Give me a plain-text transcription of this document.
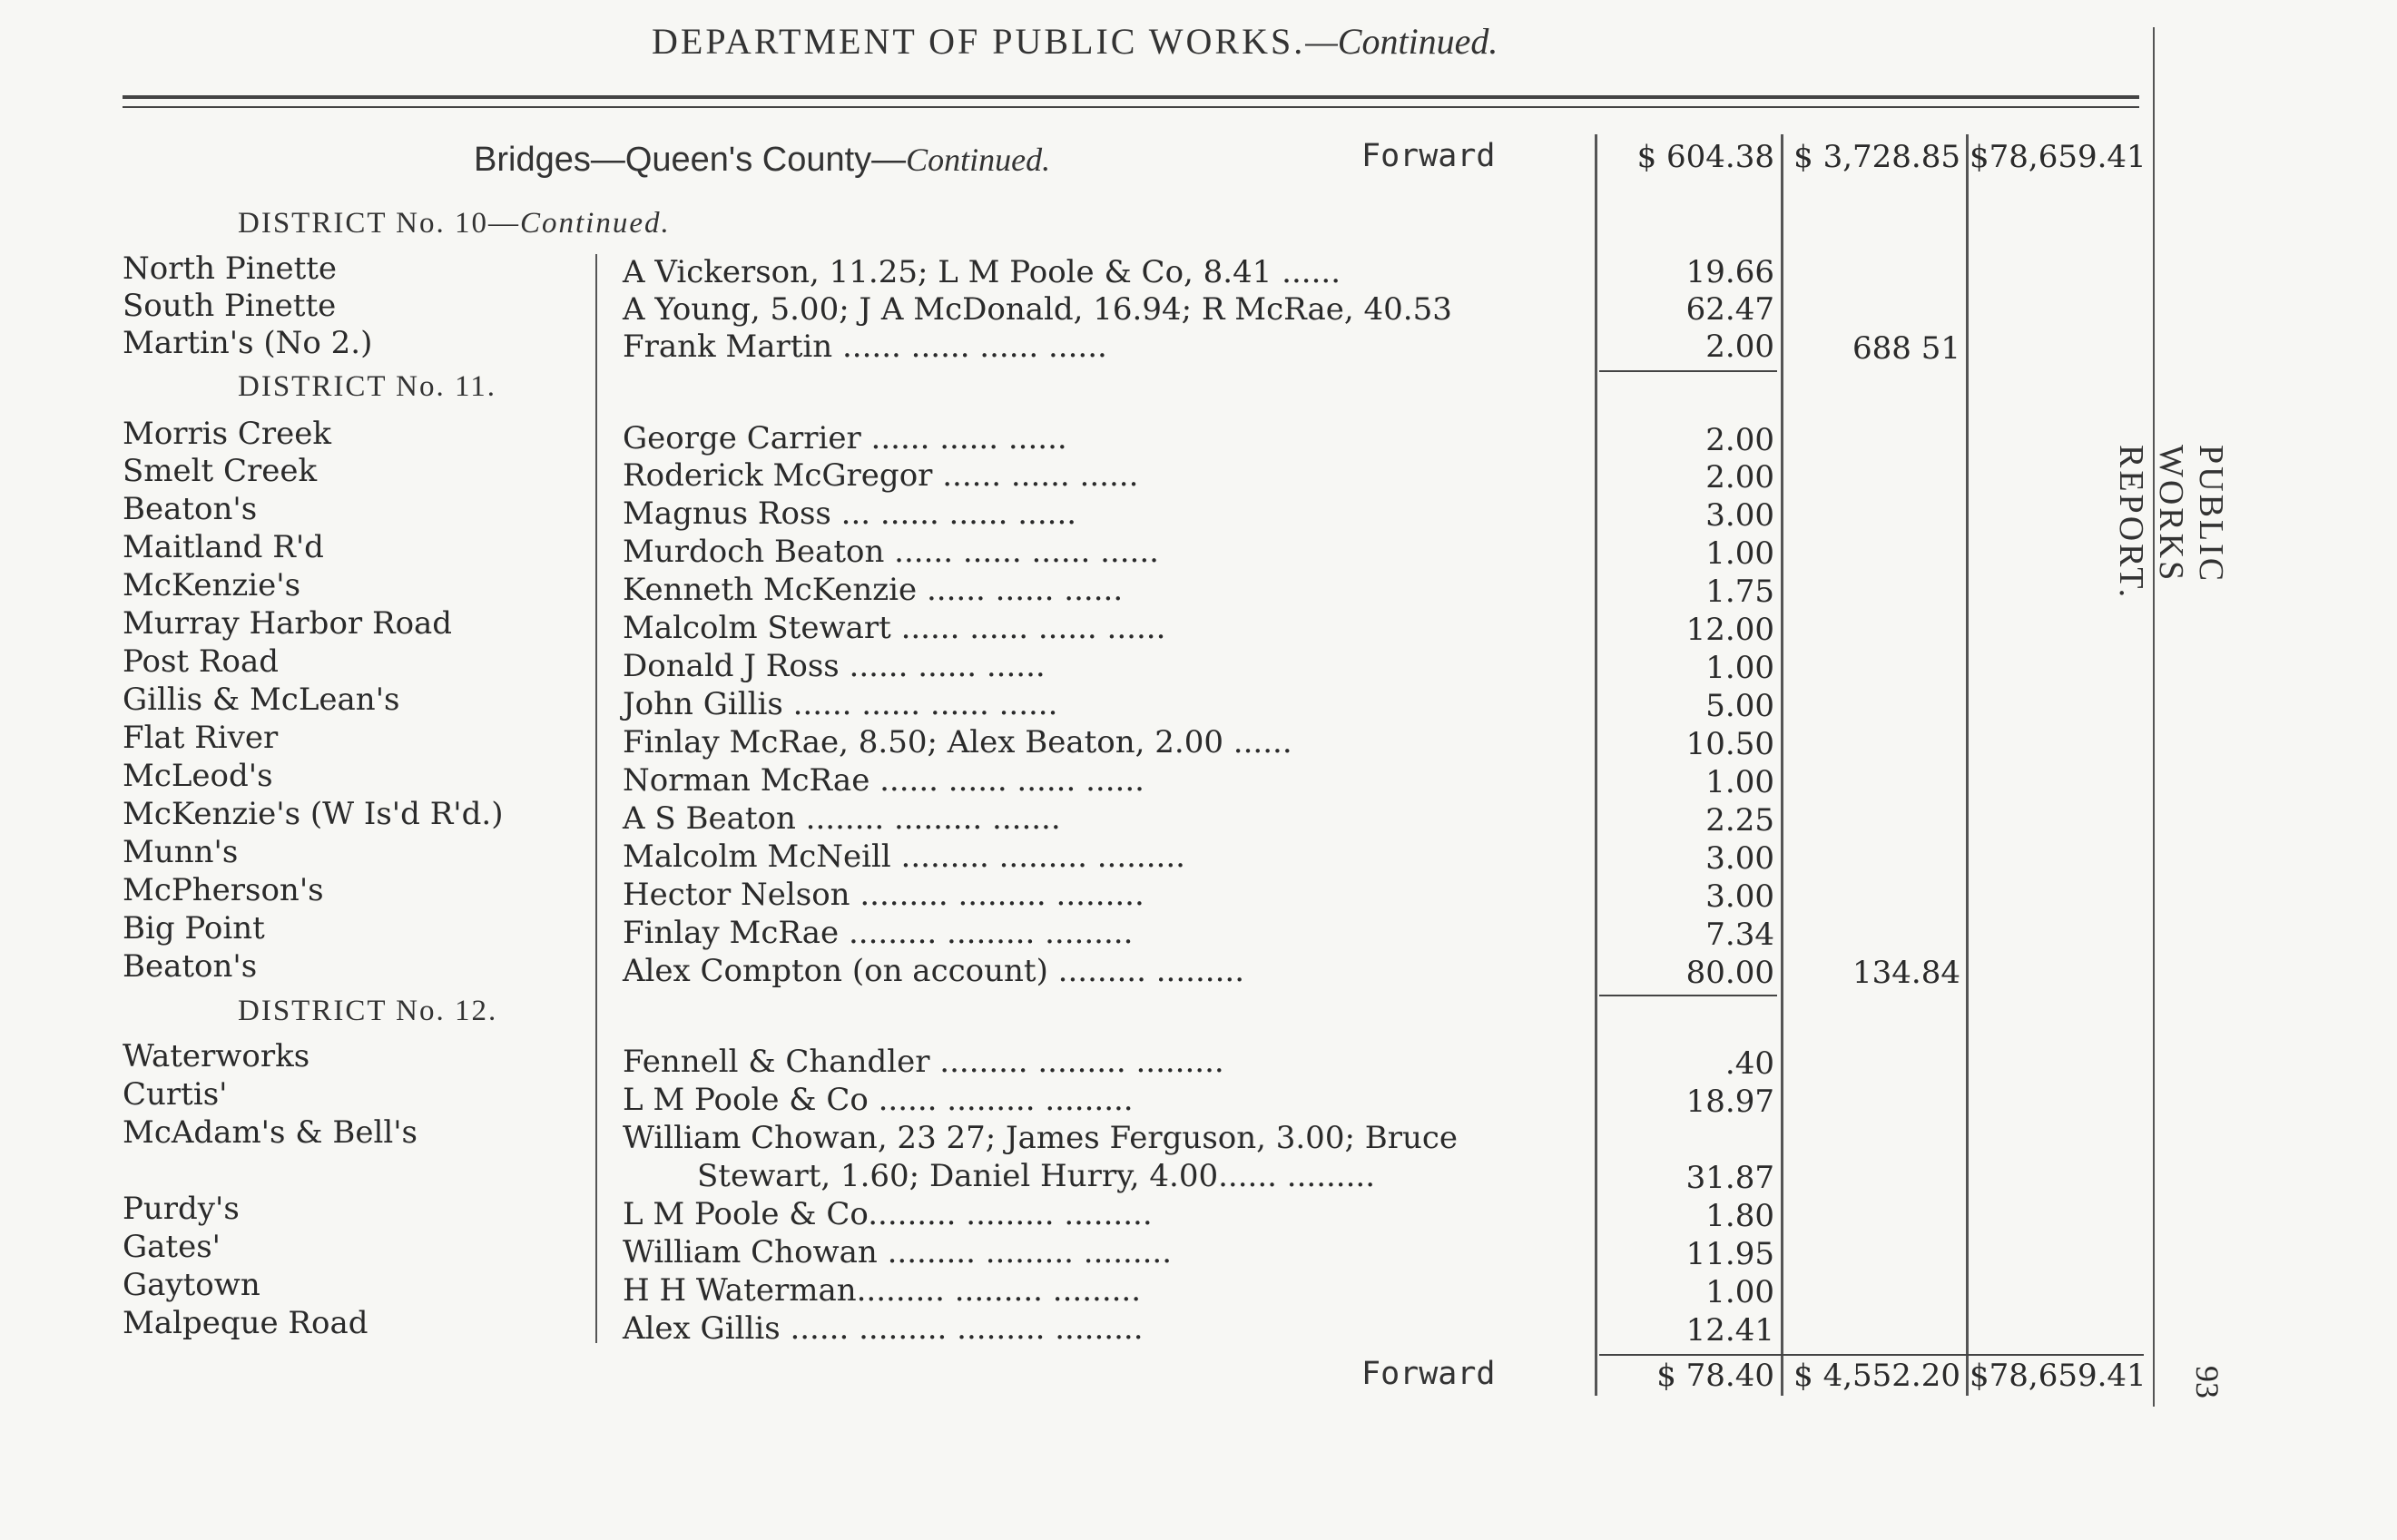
DEPARTMENT OF PUBLIC WORKS.—Continued.
Bridges—Queen's County—Continued.	Forward	$ 604.38 $ 3,728.85 $78,659.41
DISTRICT No. 10—Continued.
North Pinette	A Vickerson, 11.25; L M Poole & Co, 8.41 ......	19.66
South Pinette	A Young, 5.00; J A McDonald, 16.94; R McRae, 40.53	62.47
Martin's (No 2.)	Frank Martin ...... ...... ...... ......	2.00	688 51
DISTRICT No. 11.
Morris Creek	George Carrier ...... ...... ......	2.00
Smelt Creek	Roderick McGregor ...... ...... ......	2.00
Beaton's	Magnus Ross ... ...... ...... ......	3.00
Maitland R'd	Murdoch Beaton ...... ...... ...... ......	1.00
McKenzie's	Kenneth McKenzie ...... ...... ......	1.75
Murray Harbor Road	Malcolm Stewart ...... ...... ...... ......	12.00
Post Road	Donald J Ross ...... ...... ......	1.00
Gillis & McLean's	John Gillis ...... ...... ...... ......	5.00
Flat River	Finlay McRae, 8.50; Alex Beaton, 2.00 ......	10.50
McLeod's	Norman McRae ...... ...... ...... ......	1.00
McKenzie's (W Is'd R'd.)	A S Beaton ........ ......... .......	2.25
Munn's	Malcolm McNeill ......... ......... .........	3.00
McPherson's	Hector Nelson ......... ......... .........	3.00
Big Point	Finlay McRae ......... ......... .........	7.34
Beaton's	Alex Compton (on account) ......... .........	80.00	134.84
DISTRICT No. 12.
Waterworks	Fennell & Chandler ......... ......... .........	.40
Curtis'	L M Poole & Co ...... ......... .........	18.97
McAdam's & Bell's	William Chowan, 23 27; James Ferguson, 3.00; Bruce
Stewart, 1.60; Daniel Hurry, 4.00...... .........	31.87
Purdy's	L M Poole & Co......... ......... .........	1.80
Gates'	William Chowan ......... ......... .........	11.95
Gaytown	H H Waterman......... ......... .........	1.00
Malpeque Road	Alex Gillis ...... ......... ......... .........	12.41
Forward	$ 78.40 $ 4,552.20 $78,659.41
PUBLIC WORKS REPORT.
93
